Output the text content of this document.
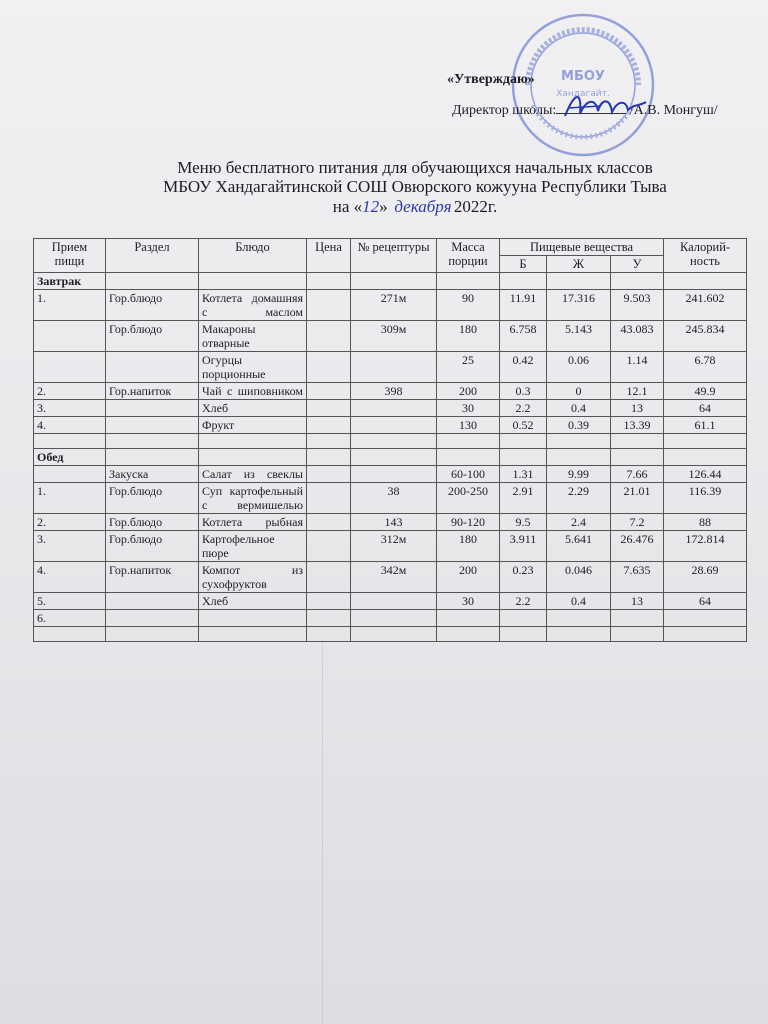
МБОУ
Хандагайт.
«Утверждаю»
Директор школы:	/А.В. Монгуш/
Меню бесплатного питания для обучающихся начальных классов
МБОУ Хандагайтинской СОШ Овюрского кожууна Республики Тыва
на «12» декабря 2022г.
Прием пищи	Раздел	Блюдо	Цена	№ рецептуры	Масса порции	Пищевые вещества			Калорий-ность
						Б	Ж	У	
Завтрак									
1.	Гор.блюдо	Котлета домашняя с маслом		271м	90	11.91	17.316	9.503	241.602
	Гор.блюдо	Макароны отварные		309м	180	6.758	5.143	43.083	245.834
		Огурцы порционные			25	0.42	0.06	1.14	6.78
2.	Гор.напиток	Чай с шиповником		398	200	0.3	0	12.1	49.9
3.		Хлеб			30	2.2	0.4	13	64
4.		Фрукт			130	0.52	0.39	13.39	61.1

Обед									
	Закуска	Салат из свеклы			60-100	1.31	9.99	7.66	126.44
1.	Гор.блюдо	Суп картофельный с вермишелью		38	200-250	2.91	2.29	21.01	116.39
2.	Гор.блюдо	Котлета рыбная		143	90-120	9.5	2.4	7.2	88
3.	Гор.блюдо	Картофельное пюре		312м	180	3.911	5.641	26.476	172.814
4.	Гор.напиток	Компот из сухофруктов		342м	200	0.23	0.046	7.635	28.69
5.		Хлеб			30	2.2	0.4	13	64
6.									
